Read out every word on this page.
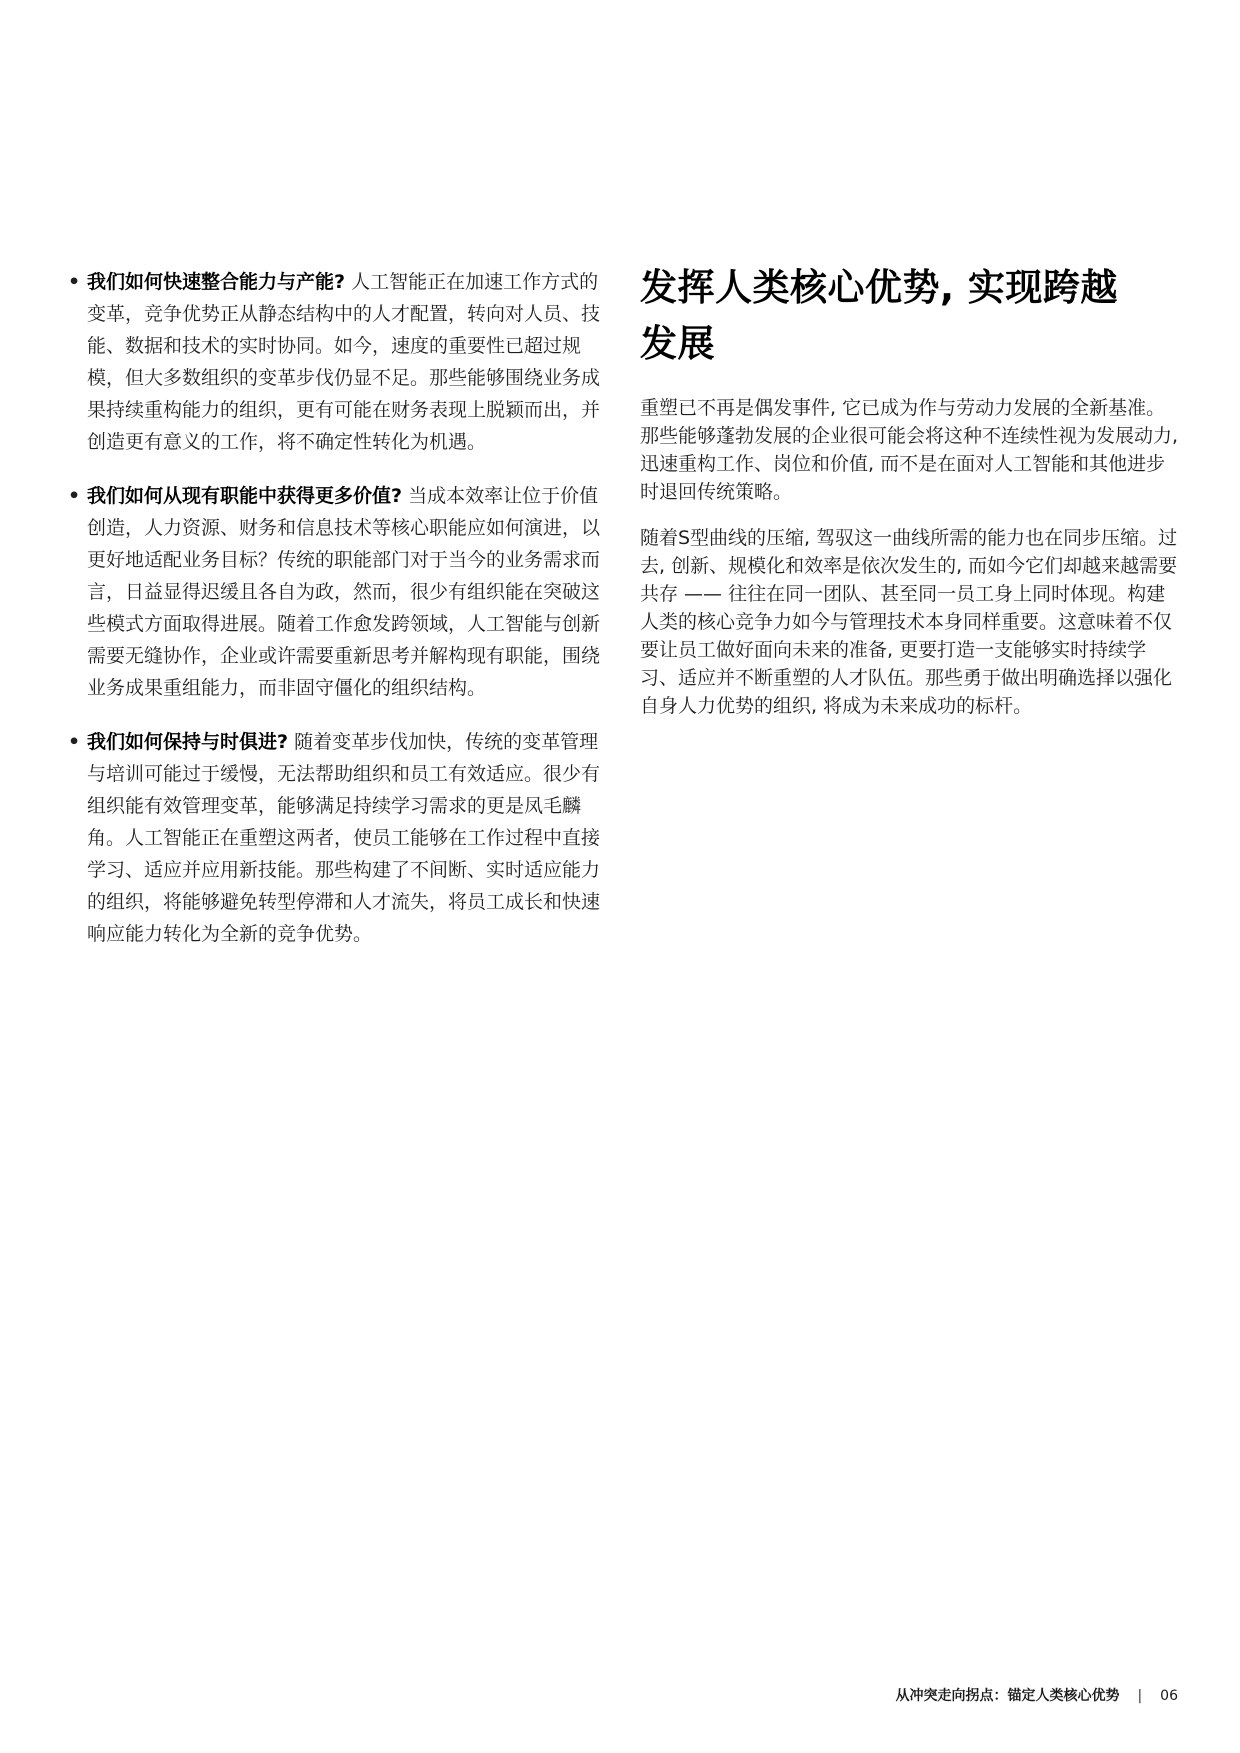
• 我们如何快速整合能力与产能? 人工智能正在加速工作方式的变革，竞争优势正从静态结构中的人才配置，转向对人员、技能、数据和技术的实时协同。如今，速度的重要性已超过规模，但大多数组织的变革步伐仍显不足。那些能够围绕业务成果持续重构能力的组织，更有可能在财务表现上脱颖而出，并创造更有意义的工作，将不确定性转化为机遇。
• 我们如何从现有职能中获得更多价值? 当成本效率让位于价值创造，人力资源、财务和信息技术等核心职能应如何演进，以更好地适配业务目标？传统的职能部门对于当今的业务需求而言，日益显得迟缓且各自为政，然而，很少有组织能在突破这些模式方面取得进展。随着工作愈发跨领域，人工智能与创新需要无缝协作，企业或许需要重新思考并解构现有职能，围绕业务成果重组能力，而非固守僵化的组织结构。
• 我们如何保持与时俱进? 随着变革步伐加快，传统的变革管理与培训可能过于缓慢，无法帮助组织和员工有效适应。很少有组织能有效管理变革，能够满足持续学习需求的更是凤毛麟角。人工智能正在重塑这两者，使员工能够在工作过程中直接学习、适应并应用新技能。那些构建了不间断、实时适应能力的组织，将能够避免转型停滞和人才流失，将员工成长和快速响应能力转化为全新的竞争优势。
发挥人类核心优势, 实现跨越
发展

重塑已不再是偶发事件, 它已成为作与劳动力发展的全新基准。那些能够蓬勃发展的企业很可能会将这种不连续性视为发展动力, 迅速重构工作、岗位和价值, 而不是在面对人工智能和其他进步时退回传统策略。

随着S型曲线的压缩, 驾驭这一曲线所需的能力也在同步压缩。过去, 创新、规模化和效率是依次发生的, 而如今它们却越来越需要共存 —— 往往在同一团队、甚至同一员工身上同时体现。构建人类的核心竞争力如今与管理技术本身同样重要。这意味着不仅要让员工做好面向未来的准备, 更要打造一支能够实时持续学习、适应并不断重塑的人才队伍。那些勇于做出明确选择以强化自身人力优势的组织, 将成为未来成功的标杆。

从冲突走向拐点：锚定人类核心优势 | 06
